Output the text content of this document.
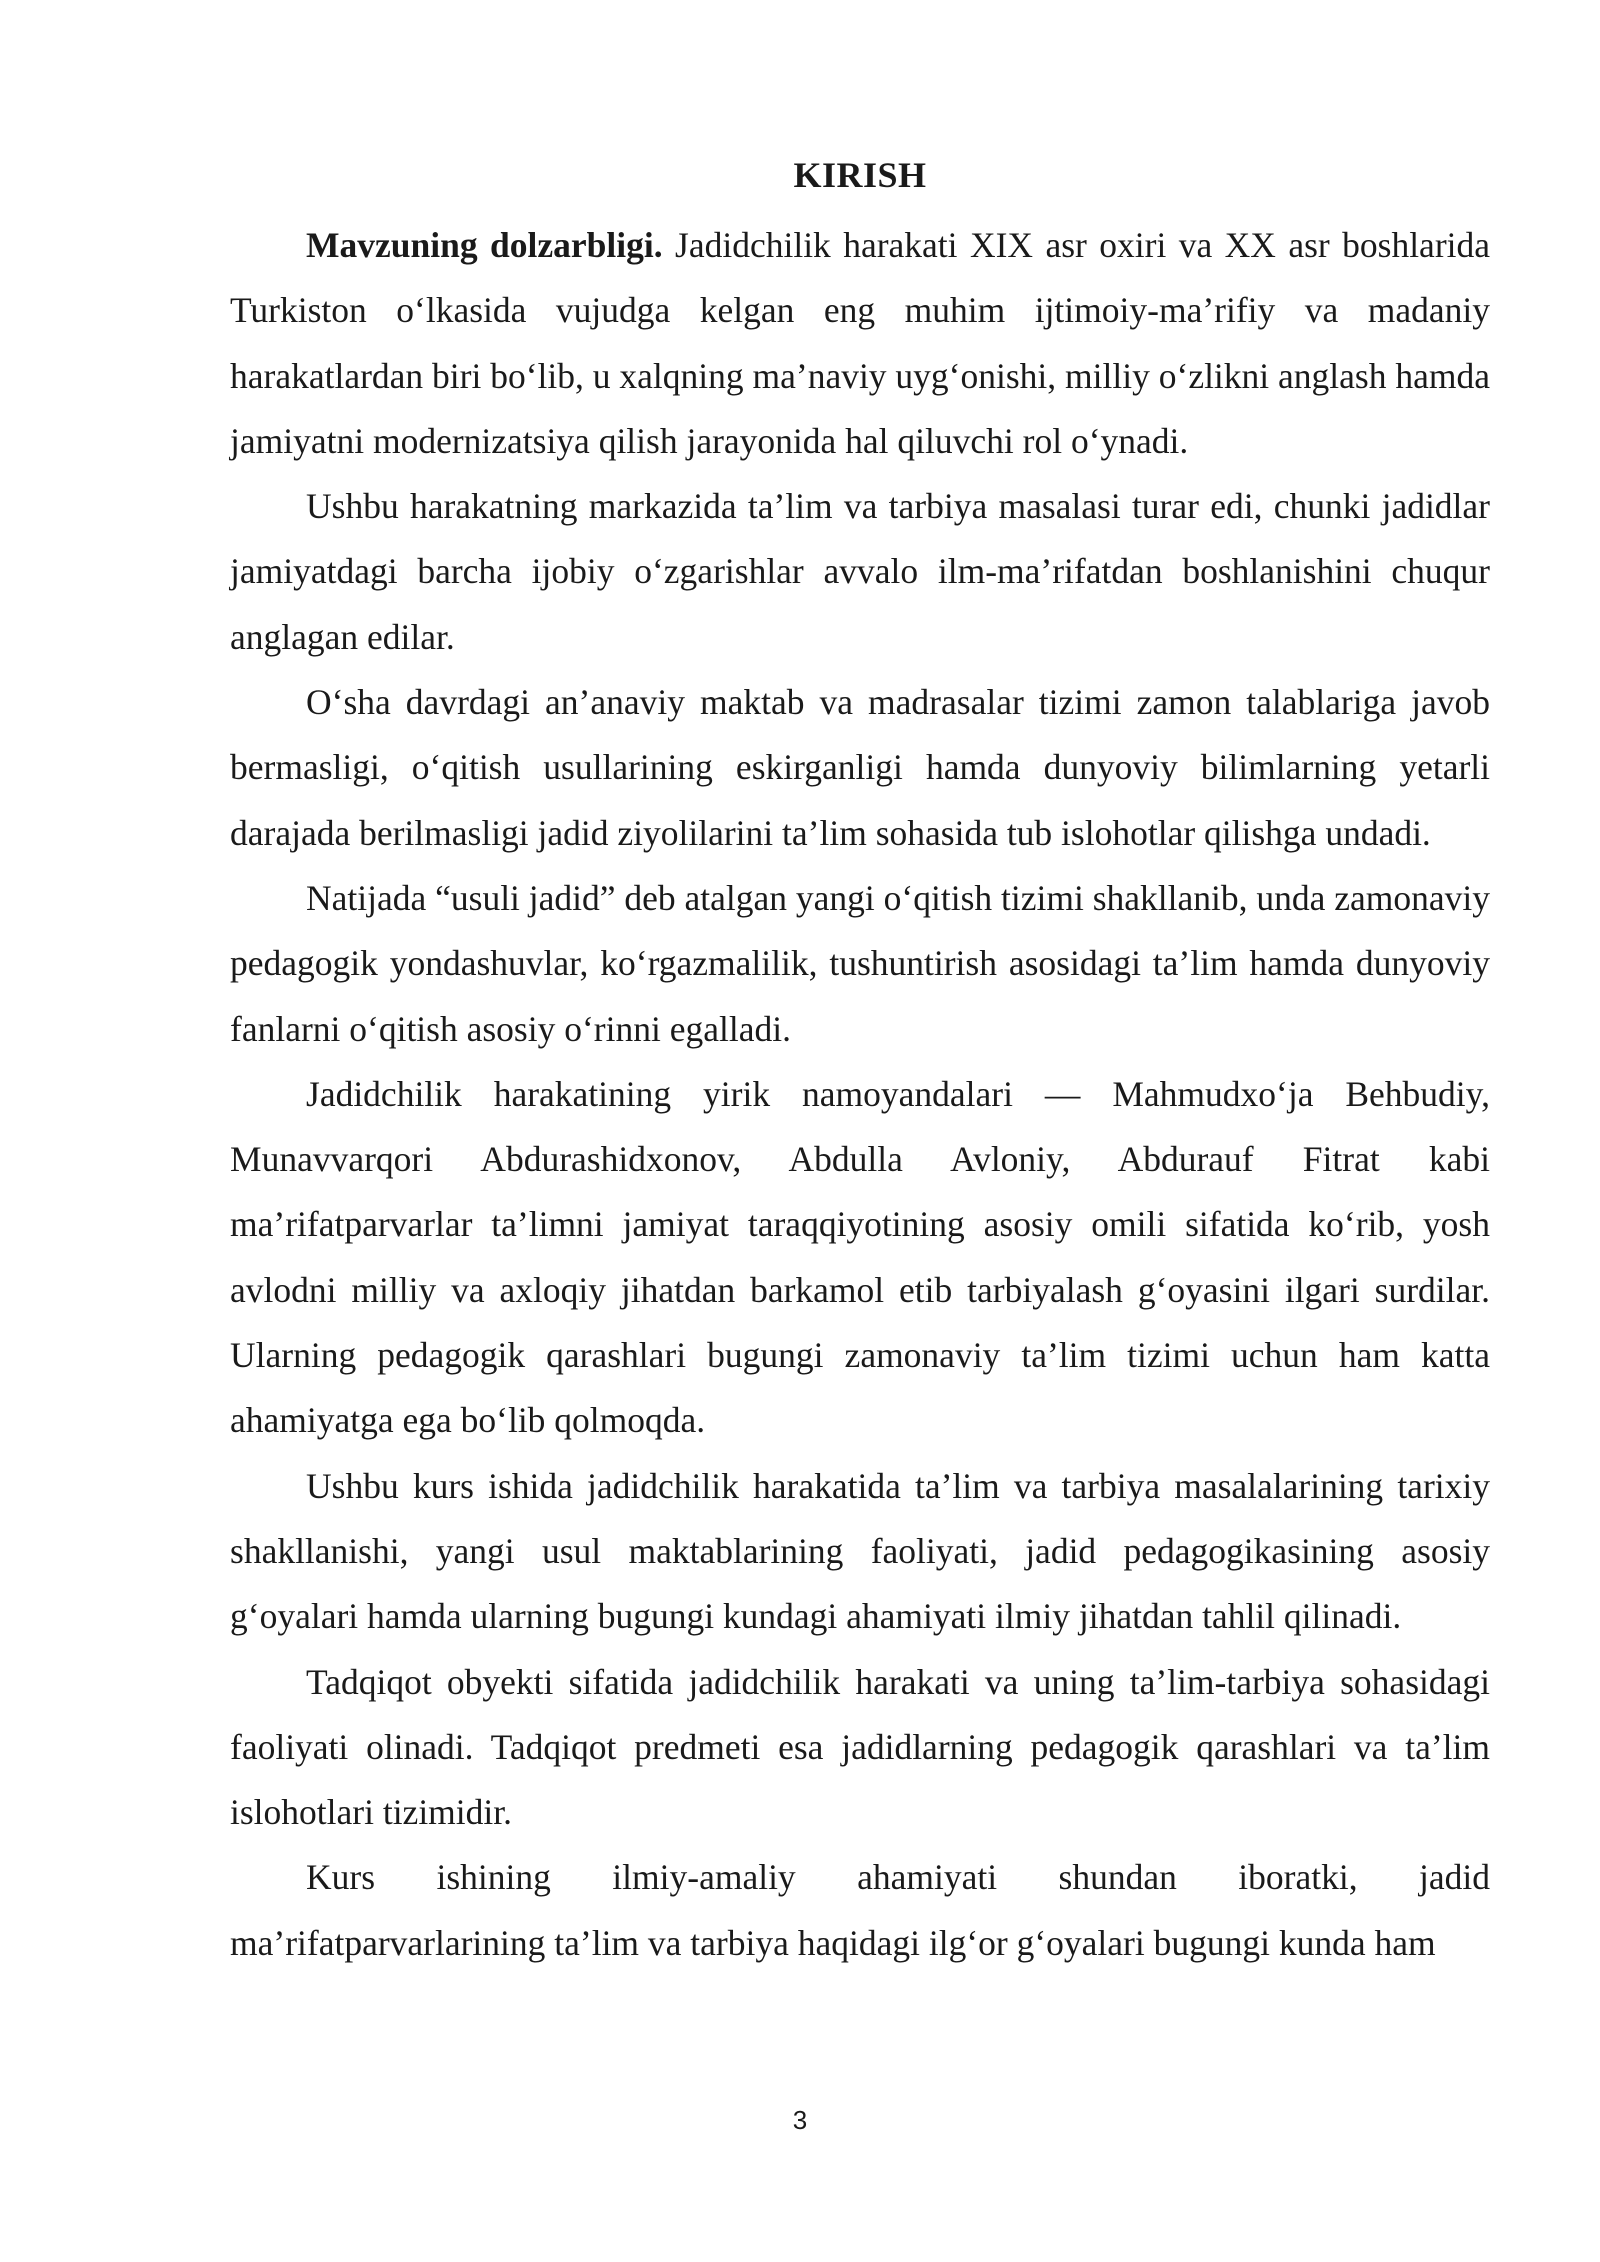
KIRISH

Mavzuning dolzarbligi. Jadidchilik harakati XIX asr oxiri va XX asr boshlarida Turkiston o‘lkasida vujudga kelgan eng muhim ijtimoiy-ma’rifiy va madaniy harakatlardan biri bo‘lib, u xalqning ma’naviy uyg‘onishi, milliy o‘zlikni anglash hamda jamiyatni modernizatsiya qilish jarayonida hal qiluvchi rol o‘ynadi.

Ushbu harakatning markazida ta’lim va tarbiya masalasi turar edi, chunki jadidlar jamiyatdagi barcha ijobiy o‘zgarishlar avvalo ilm-ma’rifatdan boshlanishini chuqur anglagan edilar.

O‘sha davrdagi an’anaviy maktab va madrasalar tizimi zamon talablariga javob bermasligi, o‘qitish usullarining eskirganligi hamda dunyoviy bilimlarning yetarli darajada berilmasligi jadid ziyolilarini ta’lim sohasida tub islohotlar qilishga undadi.

Natijada “usuli jadid” deb atalgan yangi o‘qitish tizimi shakllanib, unda zamonaviy pedagogik yondashuvlar, ko‘rgazmalilik, tushuntirish asosidagi ta’lim hamda dunyoviy fanlarni o‘qitish asosiy o‘rinni egalladi.

Jadidchilik harakatining yirik namoyandalari — Mahmudxo‘ja Behbudiy, Munavvarqori Abdurashidxonov, Abdulla Avloniy, Abdurauf Fitrat kabi ma’rifatparvarlar ta’limni jamiyat taraqqiyotining asosiy omili sifatida ko‘rib, yosh avlodni milliy va axloqiy jihatdan barkamol etib tarbiyalash g‘oyasini ilgari surdilar. Ularning pedagogik qarashlari bugungi zamonaviy ta’lim tizimi uchun ham katta ahamiyatga ega bo‘lib qolmoqda.

Ushbu kurs ishida jadidchilik harakatida ta’lim va tarbiya masalalarining tarixiy shakllanishi, yangi usul maktablarining faoliyati, jadid pedagogikasining asosiy g‘oyalari hamda ularning bugungi kundagi ahamiyati ilmiy jihatdan tahlil qilinadi.

Tadqiqot obyekti sifatida jadidchilik harakati va uning ta’lim-tarbiya sohasidagi faoliyati olinadi. Tadqiqot predmeti esa jadidlarning pedagogik qarashlari va ta’lim islohotlari tizimidir.

Kurs ishining ilmiy-amaliy ahamiyati shundan iboratki, jadid ma’rifatparvarlarining ta’lim va tarbiya haqidagi ilg‘or g‘oyalari bugungi kunda ham

3
